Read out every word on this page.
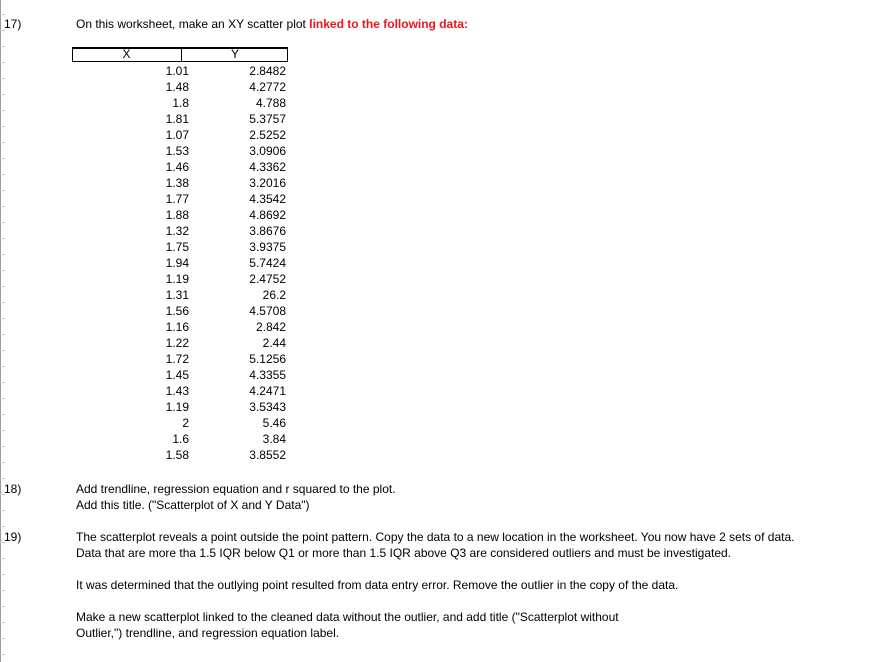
17)	On this worksheet, make an XY scatter plot linked to the following data:
X	Y
1.01	2.8482
1.48	4.2772
1.8	4.788
1.81	5.3757
1.07	2.5252
1.53	3.0906
1.46	4.3362
1.38	3.2016
1.77	4.3542
1.88	4.8692
1.32	3.8676
1.75	3.9375
1.94	5.7424
1.19	2.4752
1.31	26.2
1.56	4.5708
1.16	2.842
1.22	2.44
1.72	5.1256
1.45	4.3355
1.43	4.2471
1.19	3.5343
2	5.46
1.6	3.84
1.58	3.8552
18)	Add trendline, regression equation and r squared to the plot.
Add this title. ("Scatterplot of X and Y Data")
19)	The scatterplot reveals a point outside the point pattern. Copy the data to a new location in the worksheet. You now have 2 sets of data.
Data that are more tha 1.5 IQR below Q1 or more than 1.5 IQR above Q3 are considered outliers and must be investigated.
It was determined that the outlying point resulted from data entry error. Remove the outlier in the copy of the data.
Make a new scatterplot linked to the cleaned data without the outlier, and add title ("Scatterplot without
Outlier,") trendline, and regression equation label.
